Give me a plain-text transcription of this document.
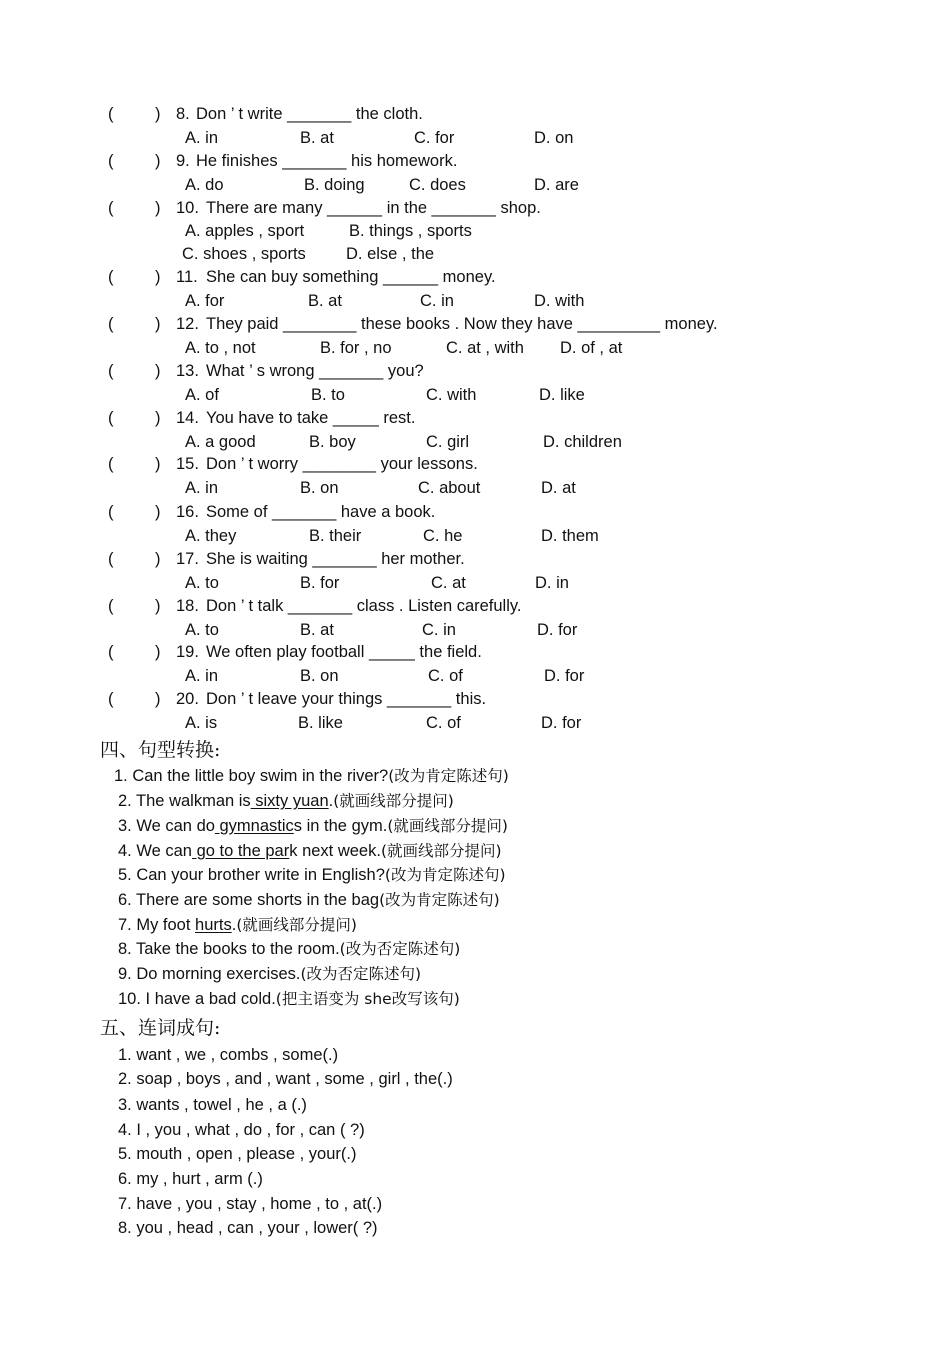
(	) 8. Don ’ t write _______ the cloth.
A. in	B. at	C. for	D. on
(	) 9. He finishes _______ his homework.
A. do	B. doing	C. does	D. are
(	) 10. There are many ______ in the _______ shop.
A. apples , sport	B. things , sports
C. shoes , sports D. else , the
(	) 11. She can buy something ______ money.
A. for	B. at	C. in	D. with
(	) 12. They paid ________ these books . Now they have _________ money.
A. to , not	B. for , no	C. at , with D. of , at
(	) 13. What ’ s wrong _______ you?
A. of	B. to	C. with	D. like
(	) 14. You have to take _____ rest.
A. a good	B. boy	C. girl	D. children
(	) 15. Don ’ t worry ________ your lessons.
A. in	B. on	C. about	D. at
(	) 16. Some of _______ have a book.
A. they	B. their	C. he	D. them
(	) 17. She is waiting _______ her mother.
A. to	B. for	C. at	D. in
(	) 18. Don ’ t talk _______ class . Listen carefully.
A. to	B. at	C. in	D. for
(	) 19. We often play football _____ the field.
A. in	B. on	C. of	D. for
(	) 20. Don ’ t leave your things _______ this.
A. is	B. like	C. of	D. for
四、句型转换:
1. Can the little boy swim in the river?(改为肯定陈述句)
2. The walkman is sixty yuan.(就画线部分提问)
3. We can do gymnastics in the gym.(就画线部分提问)
4. We can go to the park next week.(就画线部分提问)
5. Can your brother write in English?(改为肯定陈述句)
6. There are some shorts in the bag(改为肯定陈述句)
7. My foot hurts.(就画线部分提问)
8. Take the books to the room.(改为否定陈述句)
9. Do morning exercises.(改为否定陈述句)
10. I have a bad cold.(把主语变为 she改写该句)
五、连词成句:
1. want , we , combs , some(.)
2. soap , boys , and , want , some , girl , the(.)
3. wants , towel , he , a (.)
4. I , you , what , do , for , can ( ?)
5. mouth , open , please , your(.)
6. my , hurt , arm (.)
7. have , you , stay , home , to , at(.)
8. you , head , can , your , lower( ?)
